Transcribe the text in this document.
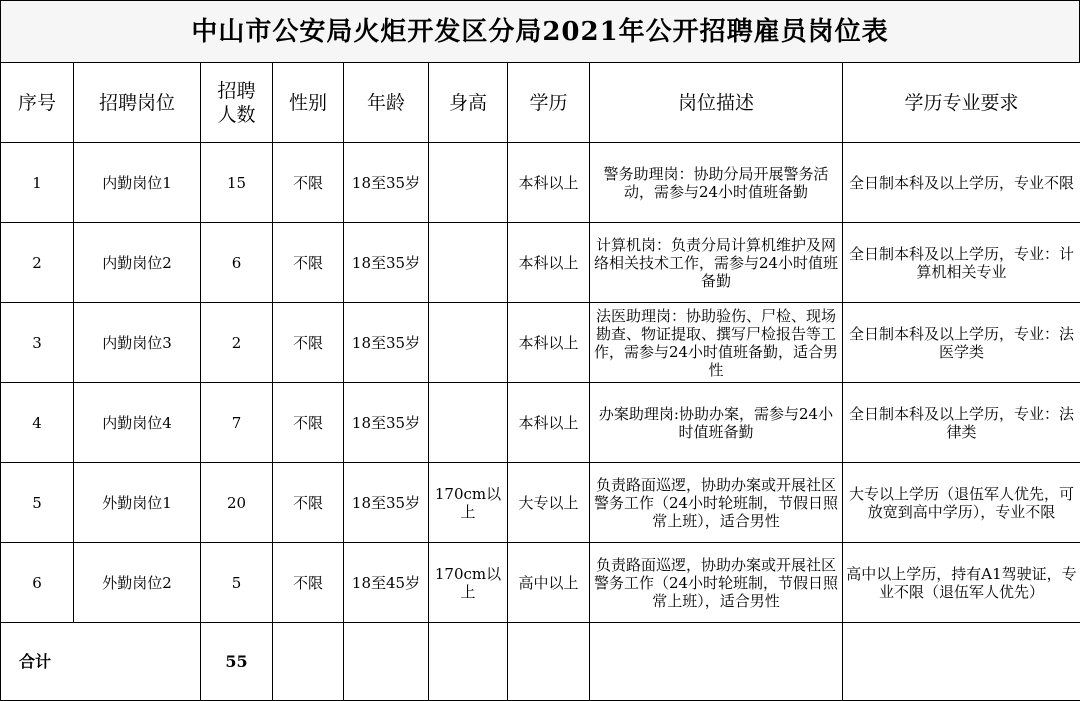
中山市公安局火炬开发区分局2021年公开招聘雇员岗位表
序号	招聘岗位	招聘人数	性别	年龄	身高	学历	岗位描述	学历专业要求
1	内勤岗位1	15	不限	18至35岁		本科以上	警务助理岗：协助分局开展警务活动，需参与24小时值班备勤	全日制本科及以上学历，专业不限
2	内勤岗位2	6	不限	18至35岁		本科以上	计算机岗：负责分局计算机维护及网络相关技术工作，需参与24小时值班备勤	全日制本科及以上学历，专业：计算机相关专业
3	内勤岗位3	2	不限	18至35岁		本科以上	法医助理岗：协助验伤、尸检、现场勘查、物证提取、撰写尸检报告等工作，需参与24小时值班备勤，适合男性	全日制本科及以上学历，专业：法医学类
4	内勤岗位4	7	不限	18至35岁		本科以上	办案助理岗:协助办案，需参与24小时值班备勤	全日制本科及以上学历，专业：法律类
5	外勤岗位1	20	不限	18至35岁	170cm以上	大专以上	负责路面巡逻，协助办案或开展社区警务工作（24小时轮班制，节假日照常上班），适合男性	大专以上学历（退伍军人优先，可放宽到高中学历），专业不限
6	外勤岗位2	5	不限	18至45岁	170cm以上	高中以上	负责路面巡逻，协助办案或开展社区警务工作（24小时轮班制，节假日照常上班），适合男性	高中以上学历，持有A1驾驶证，专业不限（退伍军人优先）
合计		55						
